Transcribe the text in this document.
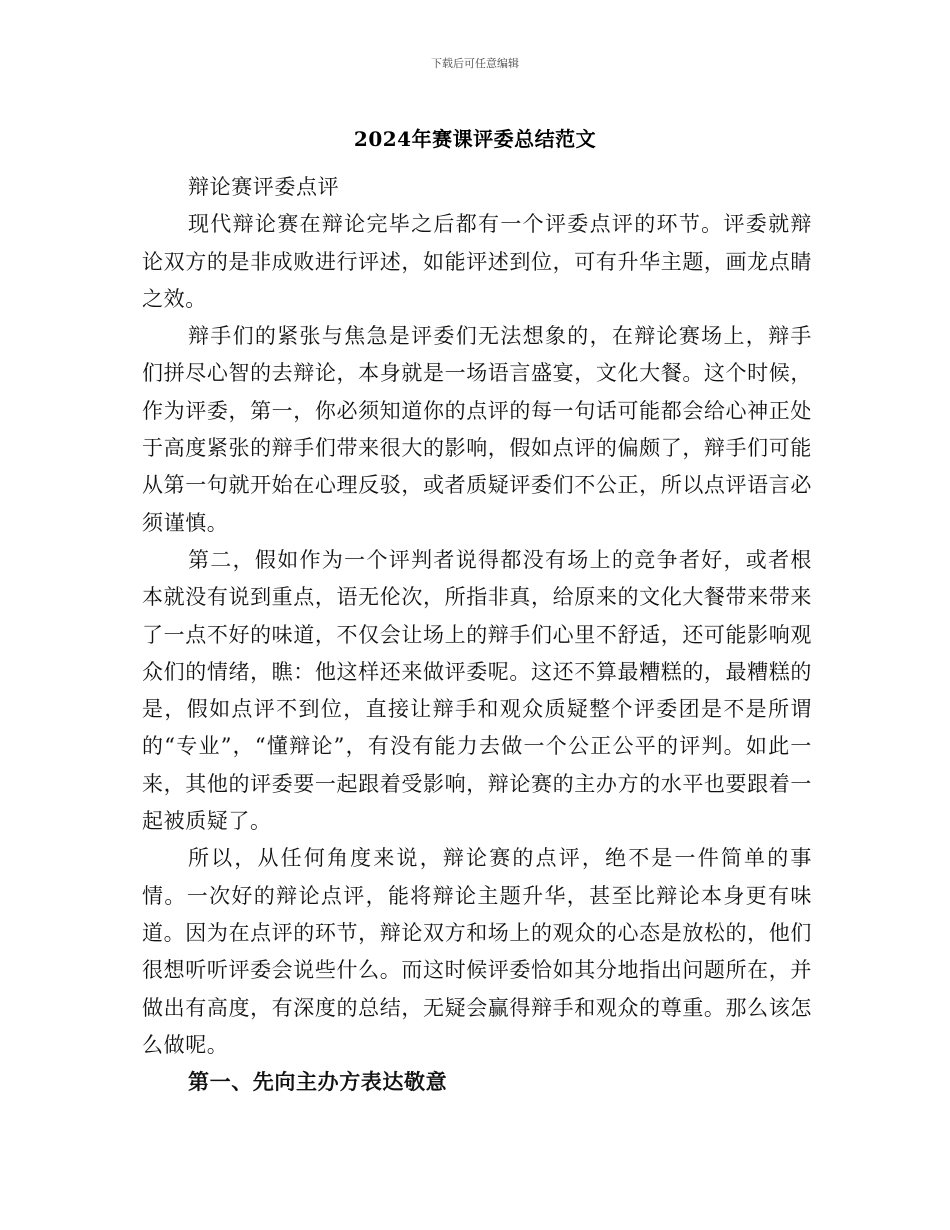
下载后可任意编辑
2024年赛课评委总结范文

辩论赛评委点评

现代辩论赛在辩论完毕之后都有一个评委点评的环节。评委就辩论双方的是非成败进行评述，如能评述到位，可有升华主题，画龙点睛之效。

辩手们的紧张与焦急是评委们无法想象的，在辩论赛场上，辩手们拼尽心智的去辩论，本身就是一场语言盛宴，文化大餐。这个时候，作为评委，第一，你必须知道你的点评的每一句话可能都会给心神正处于高度紧张的辩手们带来很大的影响，假如点评的偏颇了，辩手们可能从第一句就开始在心理反驳，或者质疑评委们不公正，所以点评语言必须谨慎。

第二，假如作为一个评判者说得都没有场上的竞争者好，或者根本就没有说到重点，语无伦次，所指非真，给原来的文化大餐带来带来了一点不好的味道，不仅会让场上的辩手们心里不舒适，还可能影响观众们的情绪，瞧：他这样还来做评委呢。这还不算最糟糕的，最糟糕的是，假如点评不到位，直接让辩手和观众质疑整个评委团是不是所谓的“专业”，“懂辩论”，有没有能力去做一个公正公平的评判。如此一来，其他的评委要一起跟着受影响，辩论赛的主办方的水平也要跟着一起被质疑了。

所以，从任何角度来说，辩论赛的点评，绝不是一件简单的事情。一次好的辩论点评，能将辩论主题升华，甚至比辩论本身更有味道。因为在点评的环节，辩论双方和场上的观众的心态是放松的，他们很想听听评委会说些什么。而这时候评委恰如其分地指出问题所在，并做出有高度，有深度的总结，无疑会赢得辩手和观众的尊重。那么该怎么做呢。

第一、先向主办方表达敬意
